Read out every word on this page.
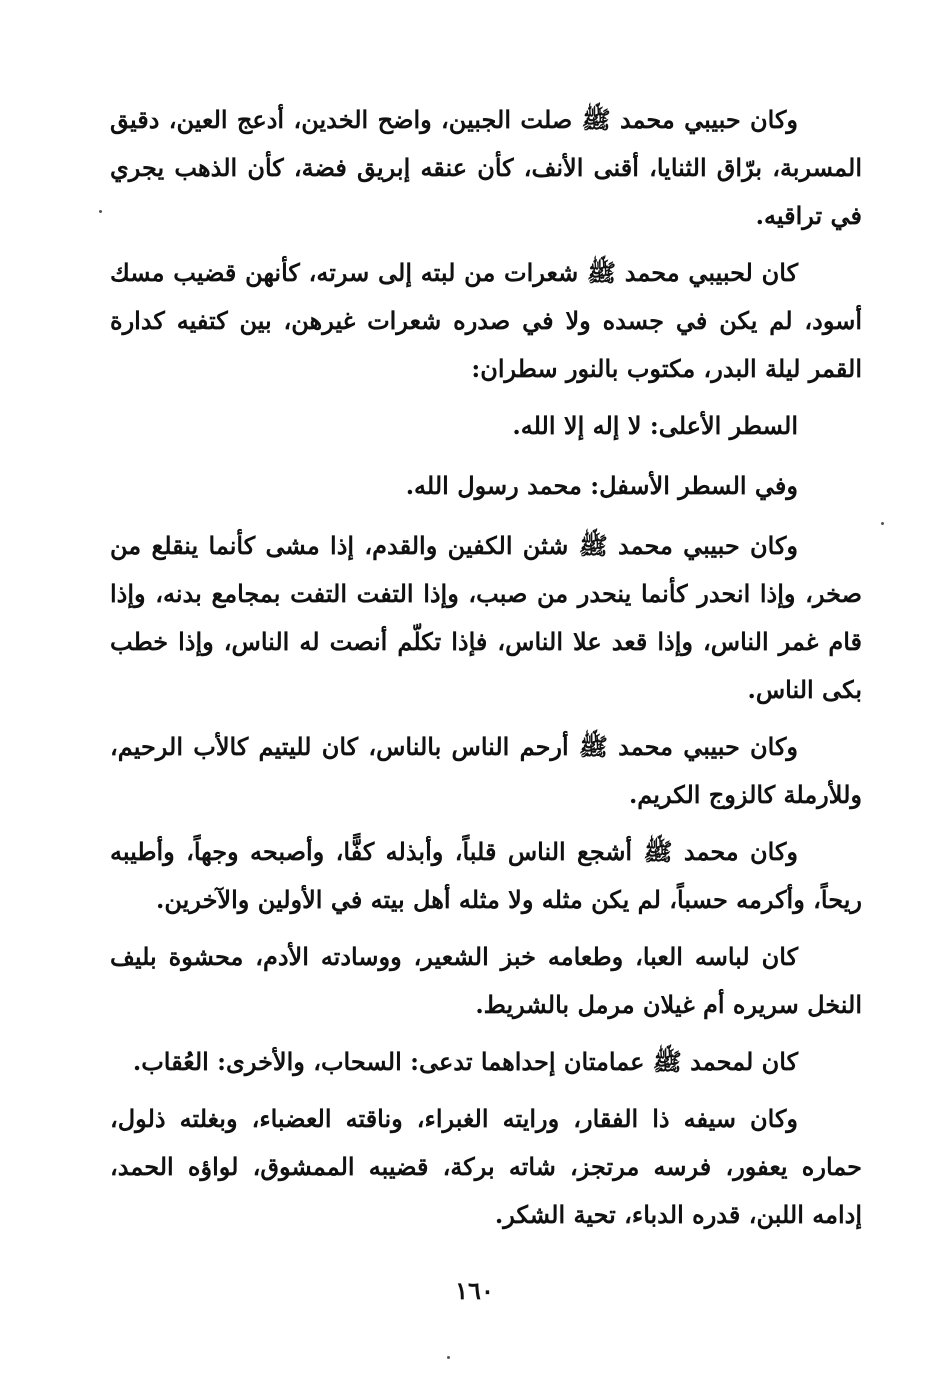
وكان حبيبي محمد ﷺ صلت الجبين، واضح الخدين، أدعج العين، دقيق المسربة، برّاق الثنايا، أقنى الأنف، كأن عنقه إبريق فضة، كأن الذهب يجري في تراقيه.

كان لحبيبي محمد ﷺ شعرات من لبته إلى سرته، كأنهن قضيب مسك أسود، لم يكن في جسده ولا في صدره شعرات غيرهن، بين كتفيه كدارة القمر ليلة البدر، مكتوب بالنور سطران:

السطر الأعلى: لا إله إلا الله.

وفي السطر الأسفل: محمد رسول الله.

وكان حبيبي محمد ﷺ شثن الكفين والقدم، إذا مشى كأنما ينقلع من صخر، وإذا انحدر كأنما ينحدر من صبب، وإذا التفت التفت بمجامع بدنه، وإذا قام غمر الناس، وإذا قعد علا الناس، فإذا تكلّم أنصت له الناس، وإذا خطب بكى الناس.

وكان حبيبي محمد ﷺ أرحم الناس بالناس، كان لليتيم كالأب الرحيم، وللأرملة كالزوج الكريم.

وكان محمد ﷺ أشجع الناس قلباً، وأبذله كفًّا، وأصبحه وجهاً، وأطيبه ريحاً، وأكرمه حسباً، لم يكن مثله ولا مثله أهل بيته في الأولين والآخرين.

كان لباسه العبا، وطعامه خبز الشعير، ووسادته الأدم، محشوة بليف النخل سريره أم غيلان مرمل بالشريط.

كان لمحمد ﷺ عمامتان إحداهما تدعى: السحاب، والأخرى: العُقاب.

وكان سيفه ذا الفقار، ورايته الغبراء، وناقته العضباء، وبغلته ذلول، حماره يعفور، فرسه مرتجز، شاته بركة، قضيبه الممشوق، لواؤه الحمد، إدامه اللبن، قدره الدباء، تحية الشكر.

١٦٠
